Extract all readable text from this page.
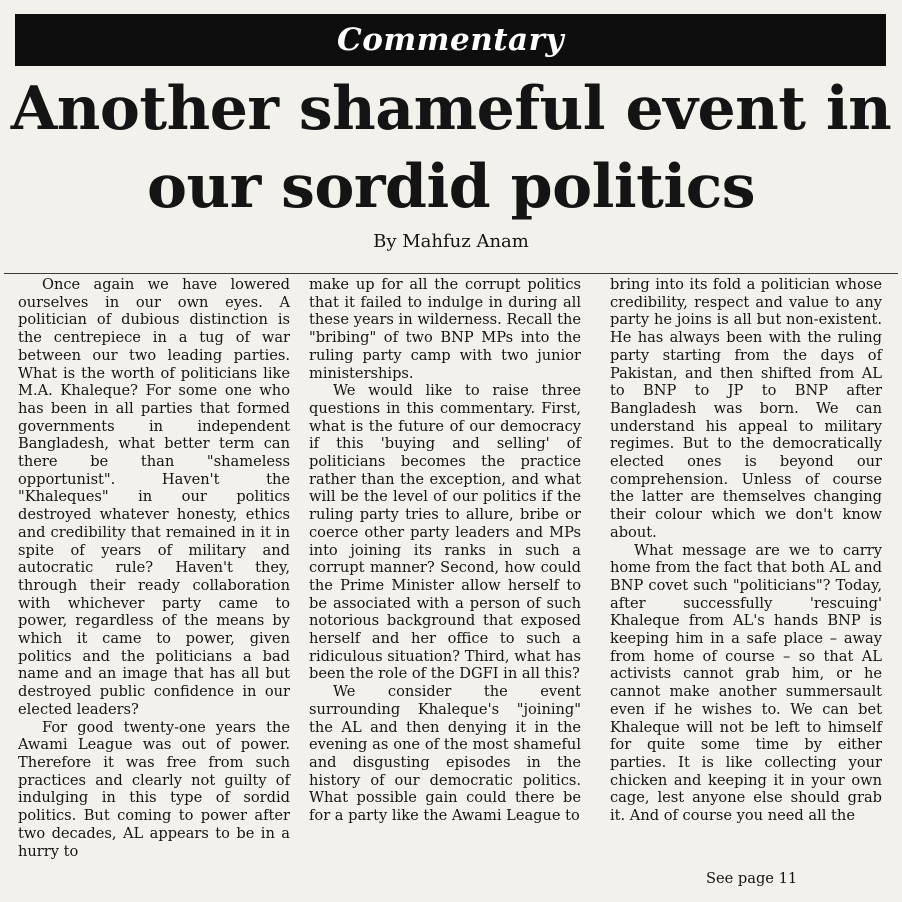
Commentary
Another shameful event in our sordid politics
By Mahfuz Anam

Once again we have lowered ourselves in our own eyes. A politician of dubious distinction is the centrepiece in a tug of war between our two leading parties. What is the worth of politicians like M.A. Khaleque? For some one who has been in all parties that formed governments in independent Bangladesh, what better term can there be than "shameless opportunist". Haven't the "Khaleques" in our politics destroyed whatever honesty, ethics and credibility that remained in it in spite of years of military and autocratic rule? Haven't they, through their ready collaboration with whichever party came to power, regardless of the means by which it came to power, given politics and the politicians a bad name and an image that has all but destroyed public confidence in our elected leaders?

For good twenty-one years the Awami League was out of power. Therefore it was free from such practices and clearly not guilty of indulging in this type of sordid politics. But coming to power after two decades, AL appears to be in a hurry to

make up for all the corrupt politics that it failed to indulge in during all these years in wilderness. Recall the "bribing" of two BNP MPs into the ruling party camp with two junior ministerships.

We would like to raise three questions in this commentary. First, what is the future of our democracy if this 'buying and selling' of politicians becomes the practice rather than the exception, and what will be the level of our politics if the ruling party tries to allure, bribe or coerce other party leaders and MPs into joining its ranks in such a corrupt manner? Second, how could the Prime Minister allow herself to be associated with a person of such notorious background that exposed herself and her office to such a ridiculous situation? Third, what has been the role of the DGFI in all this?

We consider the event surrounding Khaleque's "joining" the AL and then denying it in the evening as one of the most shameful and disgusting episodes in the history of our democratic politics. What possible gain could there be for a party like the Awami League to

bring into its fold a politician whose credibility, respect and value to any party he joins is all but non-existent. He has always been with the ruling party starting from the days of Pakistan, and then shifted from AL to BNP to JP to BNP after Bangladesh was born. We can understand his appeal to military regimes. But to the democratically elected ones is beyond our comprehension. Unless of course the latter are themselves changing their colour which we don't know about.

What message are we to carry home from the fact that both AL and BNP covet such "politicians"? Today, after successfully 'rescuing' Khaleque from AL's hands BNP is keeping him in a safe place – away from home of course – so that AL activists cannot grab him, or he cannot make another summersault even if he wishes to. We can bet Khaleque will not be left to himself for quite some time by either parties. It is like collecting your chicken and keeping it in your own cage, lest anyone else should grab it. And of course you need all the

See page 11
